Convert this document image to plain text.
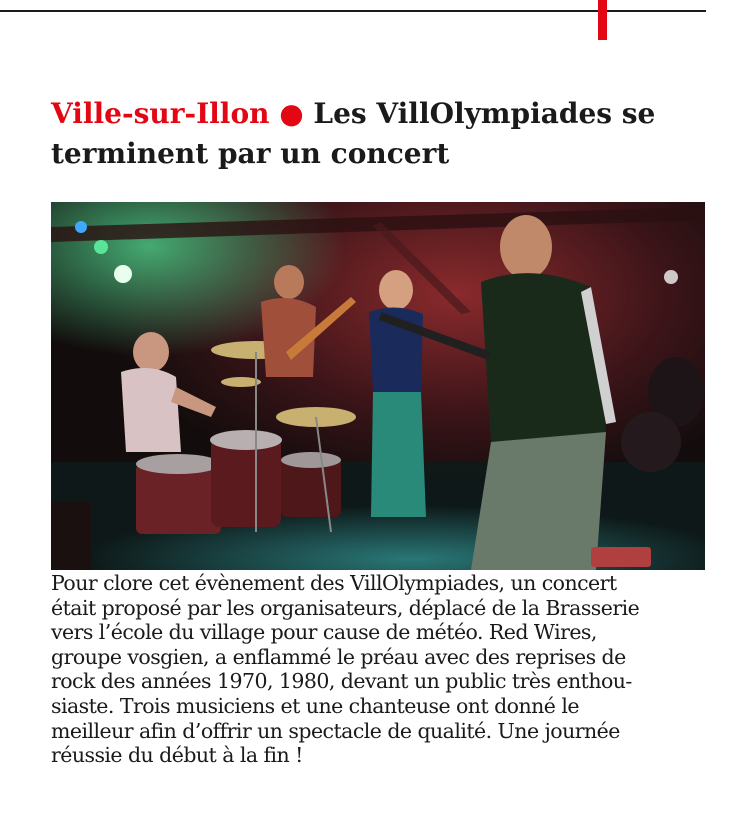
Ville-sur-Illon ● Les VillOlympiades se terminent par un concert
Pour clore cet évènement des VillOlympiades, un concert
était proposé par les organisateurs, déplacé de la Brasserie
vers l’école du village pour cause de météo. Red Wires,
groupe vosgien, a enflammé le préau avec des reprises de
rock des années 1970, 1980, devant un public très enthou-
siaste. Trois musiciens et une chanteuse ont donné le
meilleur afin d’offrir un spectacle de qualité. Une journée
réussie du début à la fin !
